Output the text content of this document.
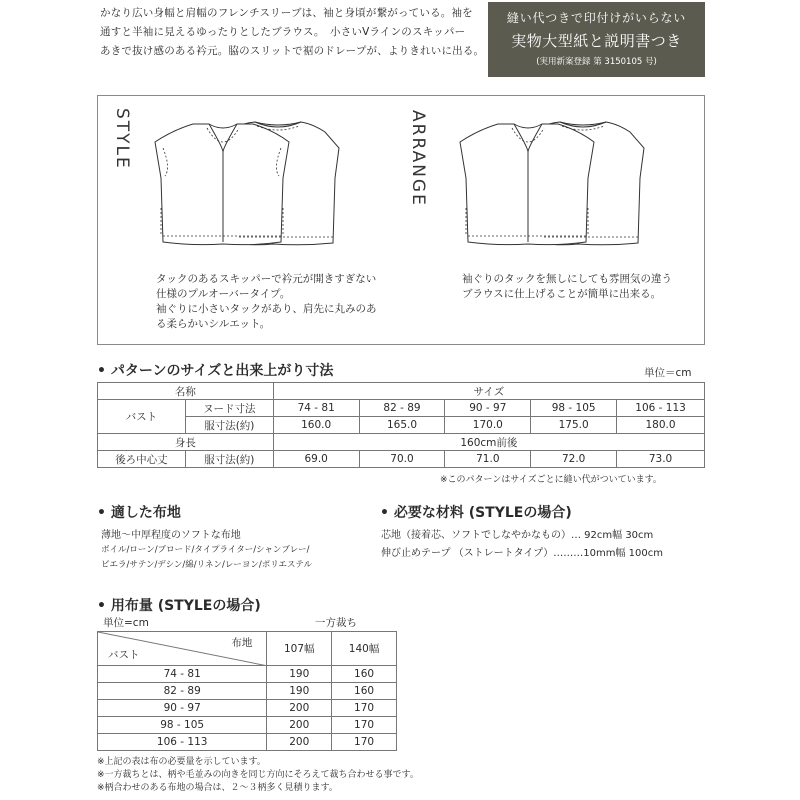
かなり広い身幅と肩幅のフレンチスリーブは、袖と身頃が繋がっている。袖を
通すと半袖に見えるゆったりとしたブラウス。　小さいVラインのスキッパー
あきで抜け感のある衿元。脇のスリットで裾のドレープが、よりきれいに出る。
縫い代つきで印付けがいらない
実物大型紙と説明書つき
(実用新案登録 第 3150105 号)
STYLE	ARRANGE
タックのあるスキッパーで衿元が開きすぎない
仕様のプルオーバータイプ。
袖ぐりに小さいタックがあり、肩先に丸みのあ
る柔らかいシルエット。
袖ぐりのタックを無しにしても雰囲気の違う
ブラウスに仕上げることが簡単に出来る。
• パターンのサイズと出来上がり寸法	単位＝cm
名称		サイズ				
バスト	ヌード寸法	74 - 81	82 - 89	90 - 97	98 - 105	106 - 113
	服寸法(約)	160.0	165.0	170.0	175.0	180.0
身長		160cm前後				
後ろ中心丈	服寸法(約)	69.0	70.0	71.0	72.0	73.0
※このパターンはサイズごとに縫い代がついています。
• 適した布地
薄地〜中厚程度のソフトな布地
ボイル/ローン/ブロード/タイプライター/シャンブレー/
ビエラ/サテン/デシン/綿/リネン/レーヨン/ポリエステル
• 必要な材料 (STYLEの場合)
芯地（接着芯、ソフトでしなやかなもの）… 92cm幅 30cm
伸び止めテープ （ストレートタイプ）………10mm幅 100cm
• 用布量 (STYLEの場合)
単位=cm	一方裁ち
布地
バスト	107幅	140幅
74 - 81	190	160
82 - 89	190	160
90 - 97	200	170
98 - 105	200	170
106 - 113	200	170
※上記の表は布の必要量を示しています。
※一方裁ちとは、柄や毛並みの向きを同じ方向にそろえて裁ち合わせる事です。
※柄合わせのある布地の場合は、２〜３柄多く見積ります。
